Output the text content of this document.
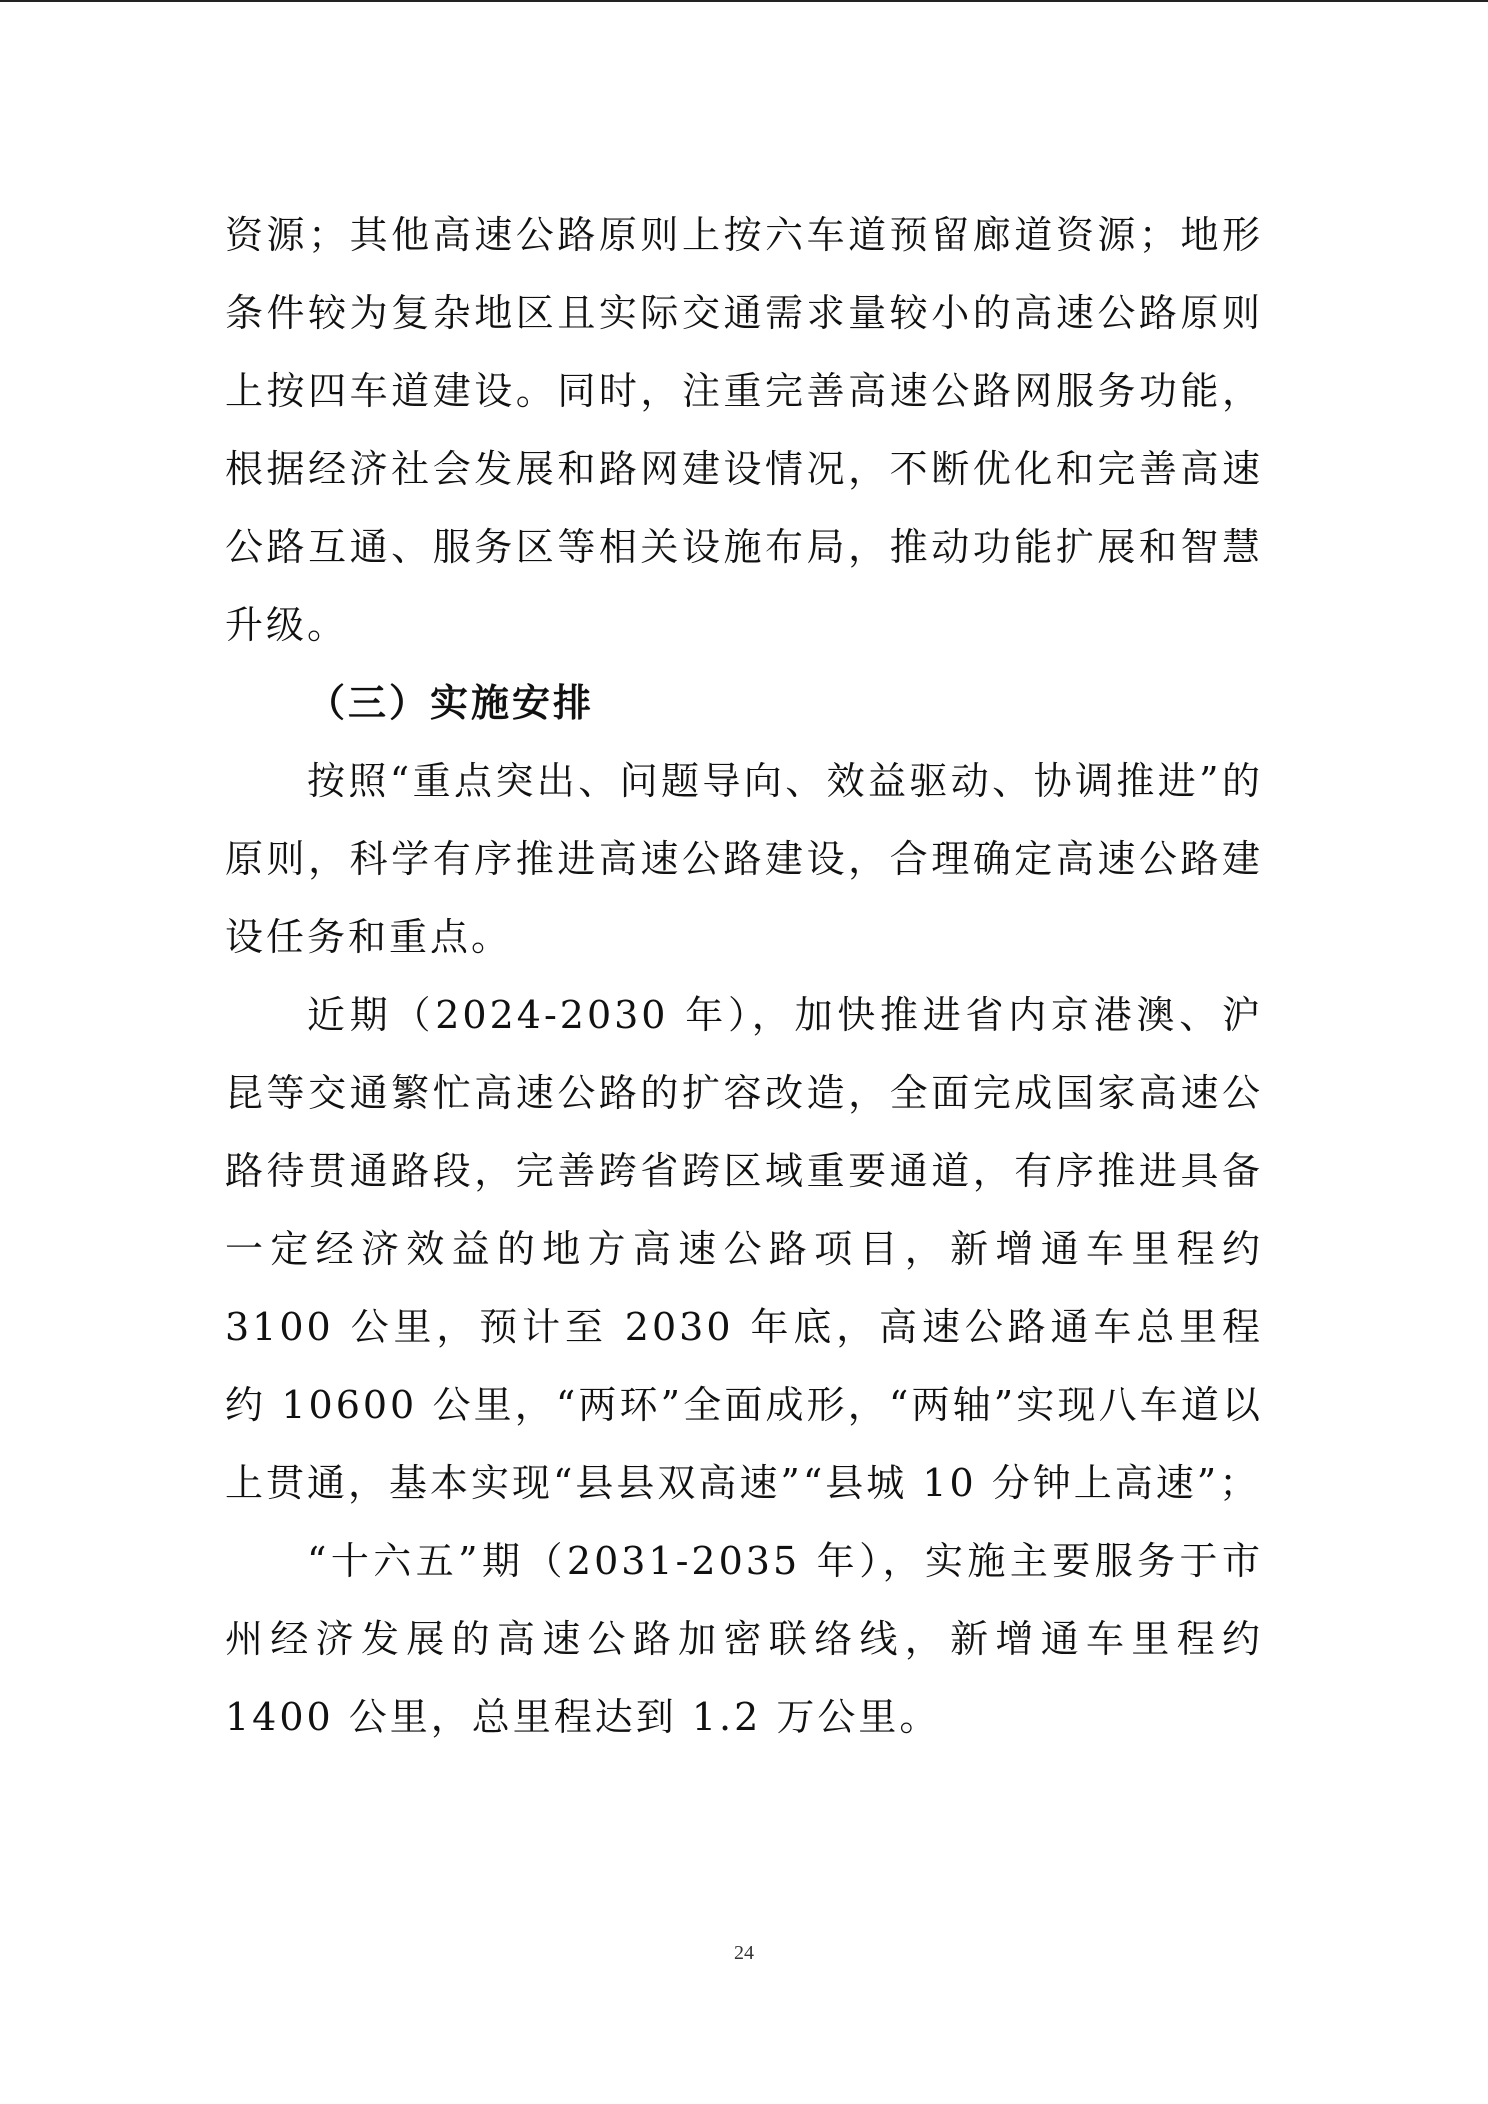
资源；其他高速公路原则上按六车道预留廊道资源；地形条件较为复杂地区且实际交通需求量较小的高速公路原则上按四车道建设。同时，注重完善高速公路网服务功能，根据经济社会发展和路网建设情况，不断优化和完善高速公路互通、服务区等相关设施布局，推动功能扩展和智慧升级。

（三）实施安排

按照“重点突出、问题导向、效益驱动、协调推进”的原则，科学有序推进高速公路建设，合理确定高速公路建设任务和重点。

近期（2024-2030 年），加快推进省内京港澳、沪昆等交通繁忙高速公路的扩容改造，全面完成国家高速公路待贯通路段，完善跨省跨区域重要通道，有序推进具备一定经济效益的地方高速公路项目，新增通车里程约 3100 公里，预计至 2030 年底，高速公路通车总里程约 10600 公里，“两环”全面成形，“两轴”实现八车道以上贯通，基本实现“县县双高速”“县城 10 分钟上高速”；

“十六五”期（2031-2035 年），实施主要服务于市州经济发展的高速公路加密联络线，新增通车里程约 1400 公里，总里程达到 1.2 万公里。

24
